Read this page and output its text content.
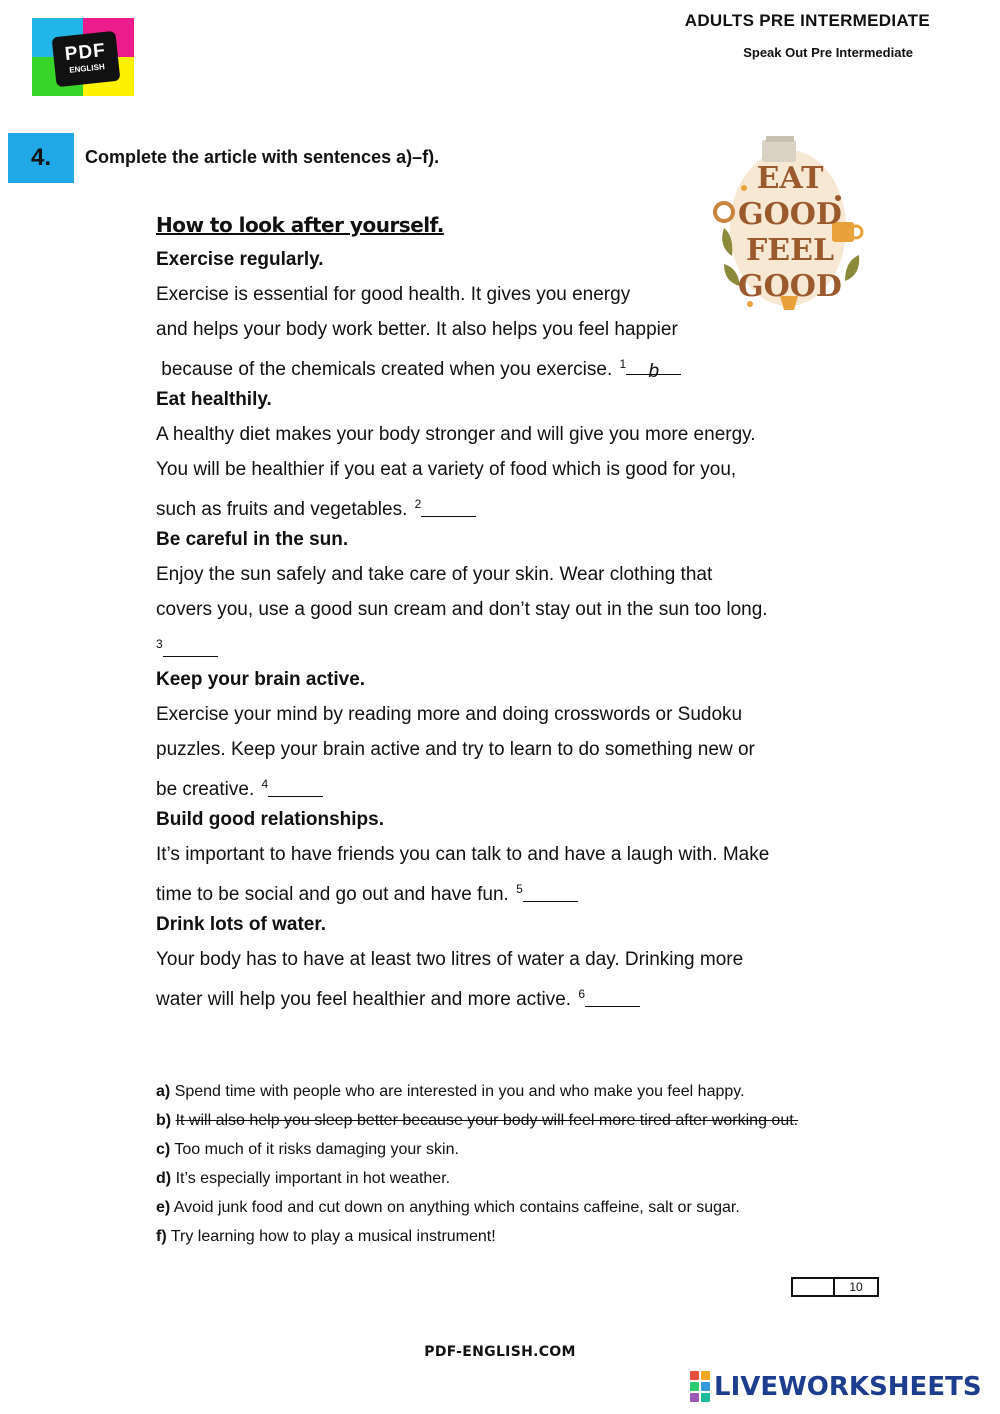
PDF
ENGLISH
ADULTS PRE INTERMEDIATE
Speak Out Pre Intermediate
4.	Complete the article with sentences a)–f).
EAT
GOOD
FEEL
GOOD
How to look after yourself.
Exercise regularly.
Exercise is essential for good health. It gives you energy
and helps your body work better. It also helps you feel happier
because of the chemicals created when you exercise. $^1$ b
Eat healthily.
A healthy diet makes your body stronger and will give you more energy.
You will be healthier if you eat a variety of food which is good for you,
such as fruits and vegetables. $^2$
Be careful in the sun.
Enjoy the sun safely and take care of your skin. Wear clothing that
covers you, use a good sun cream and don’t stay out in the sun too long.
$^3$
Keep your brain active.
Exercise your mind by reading more and doing crosswords or Sudoku
puzzles. Keep your brain active and try to learn to do something new or
be creative. $^4$
Build good relationships.
It’s important to have friends you can talk to and have a laugh with. Make
time to be social and go out and have fun. $^5$
Drink lots of water.
Your body has to have at least two litres of water a day. Drinking more
water will help you feel healthier and more active. $^6$
a) Spend time with people who are interested in you and who make you feel happy.
b) It will also help you sleep better because your body will feel more tired after working out.
c) Too much of it risks damaging your skin.
d) It’s especially important in hot weather.
e) Avoid junk food and cut down on anything which contains caffeine, salt or sugar.
f) Try learning how to play a musical instrument!
10
PDF-ENGLISH.COM
LIVEWORKSHEETS
